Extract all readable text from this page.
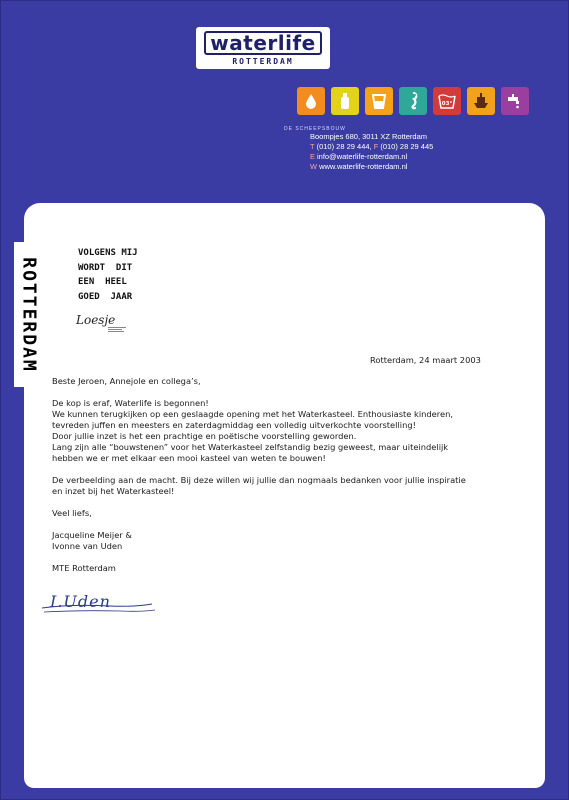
waterlife
ROTTERDAM
03°
DE SCHEEPSBOUW
Boompjes 680, 3011 XZ Rotterdam
T (010) 28 29 444, F (010) 28 29 445
E info@waterlife-rotterdam.nl
W www.waterlife-rotterdam.nl
ROTTERDAM
VOLGENS MIJ
WORDT  DIT
EEN  HEEL
GOED  JAAR
Loesje
Rotterdam, 24 maart 2003

Beste Jeroen, Annejole en collega’s,

De kop is eraf, Waterlife is begonnen!

We kunnen terugkijken op een geslaagde opening met het Waterkasteel. Enthousiaste kinderen,

tevreden juffen en meesters en zaterdagmiddag een volledig uitverkochte voorstelling!

Door jullie inzet is het een prachtige en poëtische voorstelling geworden.

Lang zijn alle “bouwstenen” voor het Waterkasteel zelfstandig bezig geweest, maar uiteindelijk

hebben we er met elkaar een mooi kasteel van weten te bouwen!

De verbeelding aan de macht. Bij deze willen wij jullie dan nogmaals bedanken voor jullie inspiratie

en inzet bij het Waterkasteel!

Veel liefs,

Jacqueline Meijer &

Ivonne van Uden

MTE Rotterdam

I.Uden
